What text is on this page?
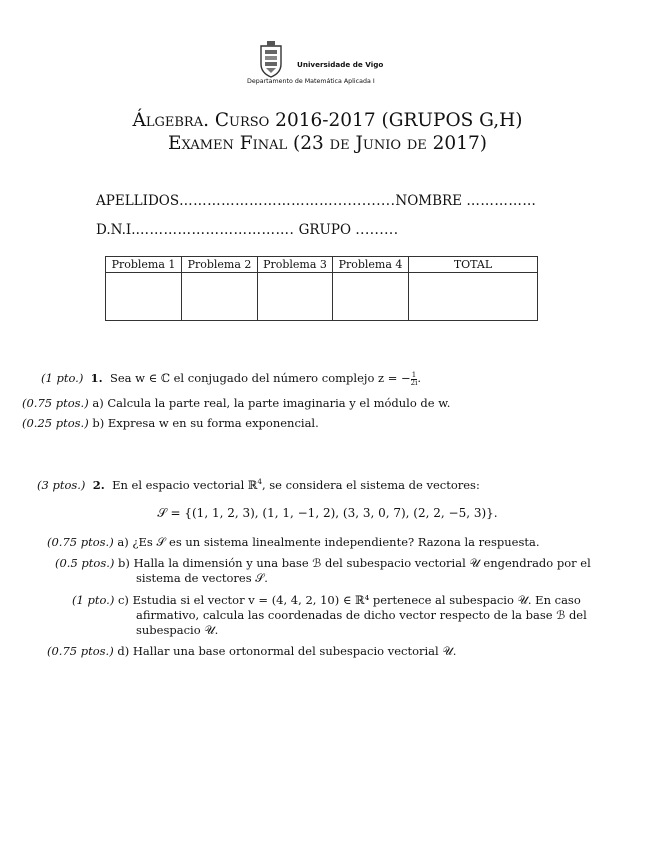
Universidade de Vigo
Departamento de Matemática Aplicada I
Álgebra. Curso 2016-2017 (GRUPOS G,H)
Examen Final (23 de Junio de 2017)
APELLIDOS…………………………….............NOMBRE ……………
D.N.I.……………………………. GRUPO .........
Problema 1	Problema 2	Problema 3	Problema 4	TOTAL

(1 pto.) 1. Sea w ∈ ℂ el conjugado del número complejo z = − $\frac{1}{2i}$ .
(0.75 ptos.) a) Calcula la parte real, la parte imaginaria y el módulo de w.
(0.25 ptos.) b) Expresa w en su forma exponencial.
(3 ptos.) 2. En el espacio vectorial ℝ$^4$, se considera el sistema de vectores:
𝒮 = {(1, 1, 2, 3), (1, 1, −1, 2), (3, 3, 0, 7), (2, 2, −5, 3)}.
(0.75 ptos.) a) ¿Es 𝒮 es un sistema linealmente independiente? Razona la respuesta.
(0.5 ptos.) b) Halla la dimensión y una base ℬ del subespacio vectorial 𝒰 engendrado por el
sistema de vectores 𝒮.
(1 pto.) c) Estudia si el vector v = (4, 4, 2, 10) ∈ ℝ⁴ pertenece al subespacio 𝒰. En caso
afirmativo, calcula las coordenadas de dicho vector respecto de la base ℬ del
subespacio 𝒰.
(0.75 ptos.) d) Hallar una base ortonormal del subespacio vectorial 𝒰.
